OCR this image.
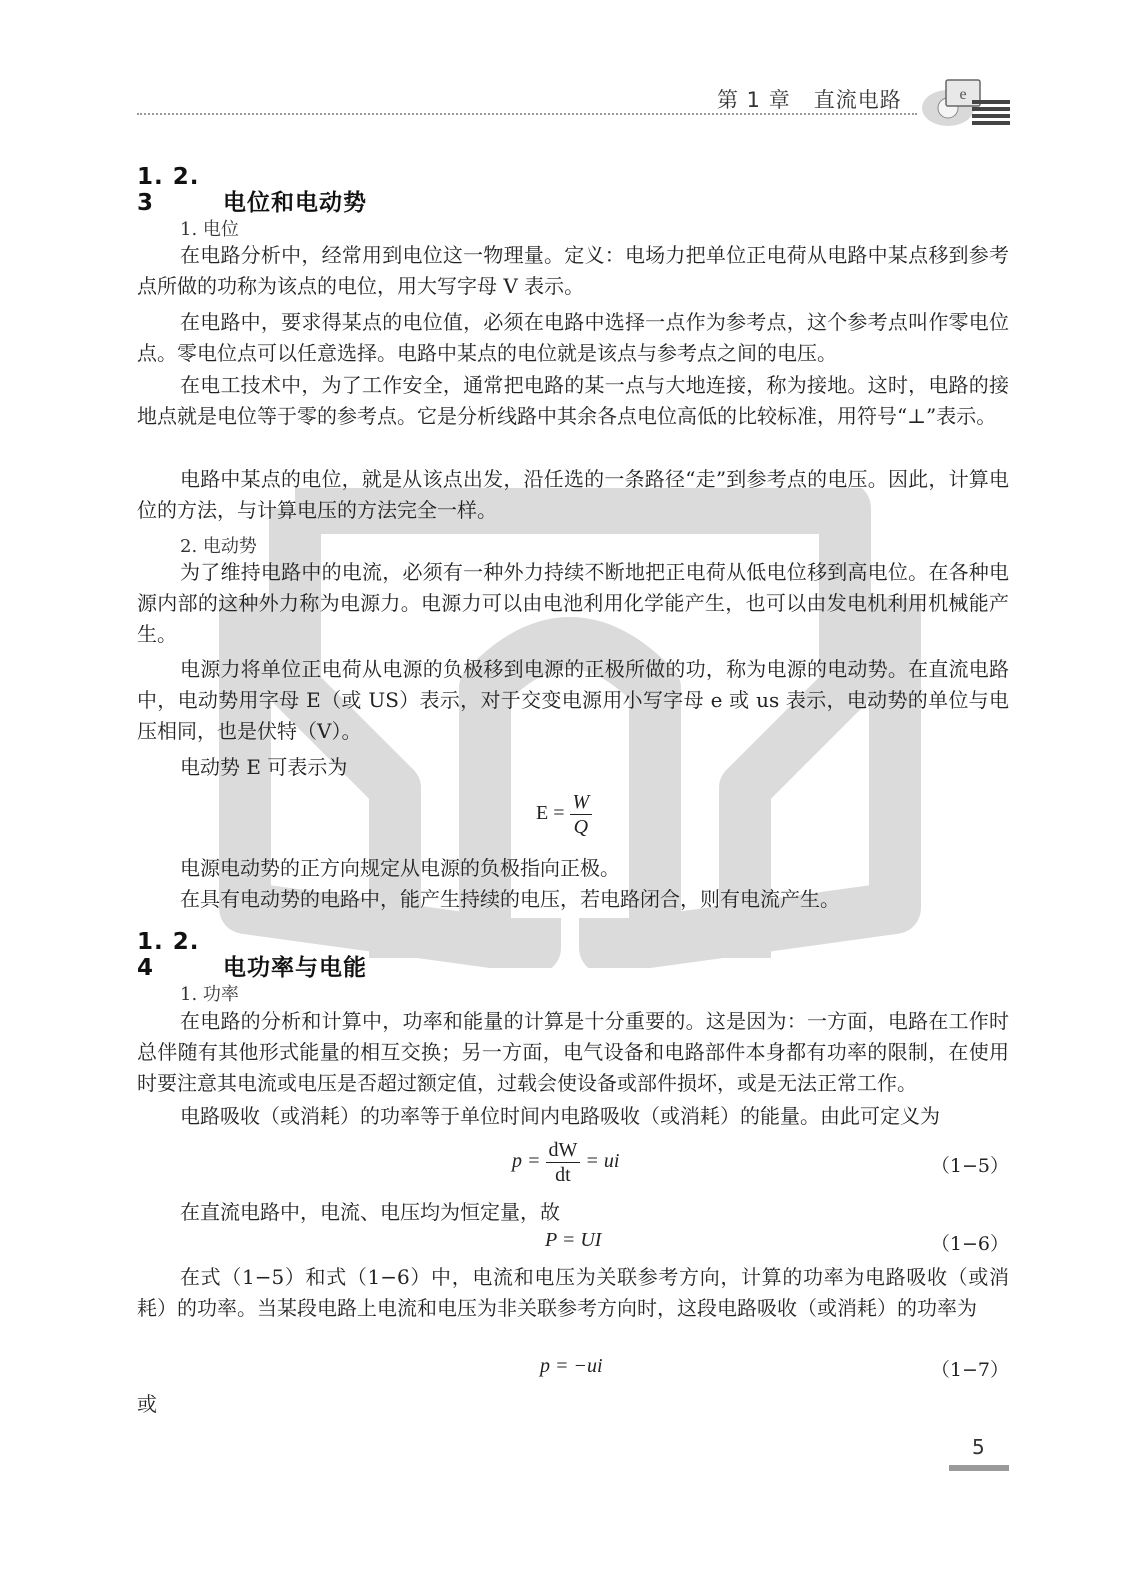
第 1 章 直流电路	e
1. 2. 3	电位和电动势
1. 电位
在电路分析中，经常用到电位这一物理量。定义：电场力把单位正电荷从电路中某点移到参考点所做的功称为该点的电位，用大写字母 V 表示。
在电路中，要求得某点的电位值，必须在电路中选择一点作为参考点，这个参考点叫作零电位点。零电位点可以任意选择。电路中某点的电位就是该点与参考点之间的电压。
在电工技术中，为了工作安全，通常把电路的某一点与大地连接，称为接地。这时，电路的接地点就是电位等于零的参考点。它是分析线路中其余各点电位高低的比较标准，用符号“⊥”表示。
电路中某点的电位，就是从该点出发，沿任选的一条路径“走”到参考点的电压。因此，计算电位的方法，与计算电压的方法完全一样。
2. 电动势
为了维持电路中的电流，必须有一种外力持续不断地把正电荷从低电位移到高电位。在各种电源内部的这种外力称为电源力。电源力可以由电池利用化学能产生，也可以由发电机利用机械能产生。
电源力将单位正电荷从电源的负极移到电源的正极所做的功，称为电源的电动势。在直流电路中，电动势用字母 E（或 US）表示，对于交变电源用小写字母 e 或 us 表示，电动势的单位与电压相同，也是伏特（V）。
电动势 E 可表示为
$E = \frac{W}{Q}$
电源电动势的正方向规定从电源的负极指向正极。
在具有电动势的电路中，能产生持续的电压，若电路闭合，则有电流产生。
1. 2. 4	电功率与电能
1. 功率
在电路的分析和计算中，功率和能量的计算是十分重要的。这是因为：一方面，电路在工作时总伴随有其他形式能量的相互交换；另一方面，电气设备和电路部件本身都有功率的限制，在使用时要注意其电流或电压是否超过额定值，过载会使设备或部件损坏，或是无法正常工作。
电路吸收（或消耗）的功率等于单位时间内电路吸收（或消耗）的能量。由此可定义为
$p = \frac{dW}{dt}$ = ui	（1−5）
在直流电路中，电流、电压均为恒定量，故
P = UI	（1−6）
在式（1−5）和式（1−6）中，电流和电压为关联参考方向，计算的功率为电路吸收（或消耗）的功率。当某段电路上电流和电压为非关联参考方向时，这段电路吸收（或消耗）的功率为
p = −ui	（1−7）
或
5
